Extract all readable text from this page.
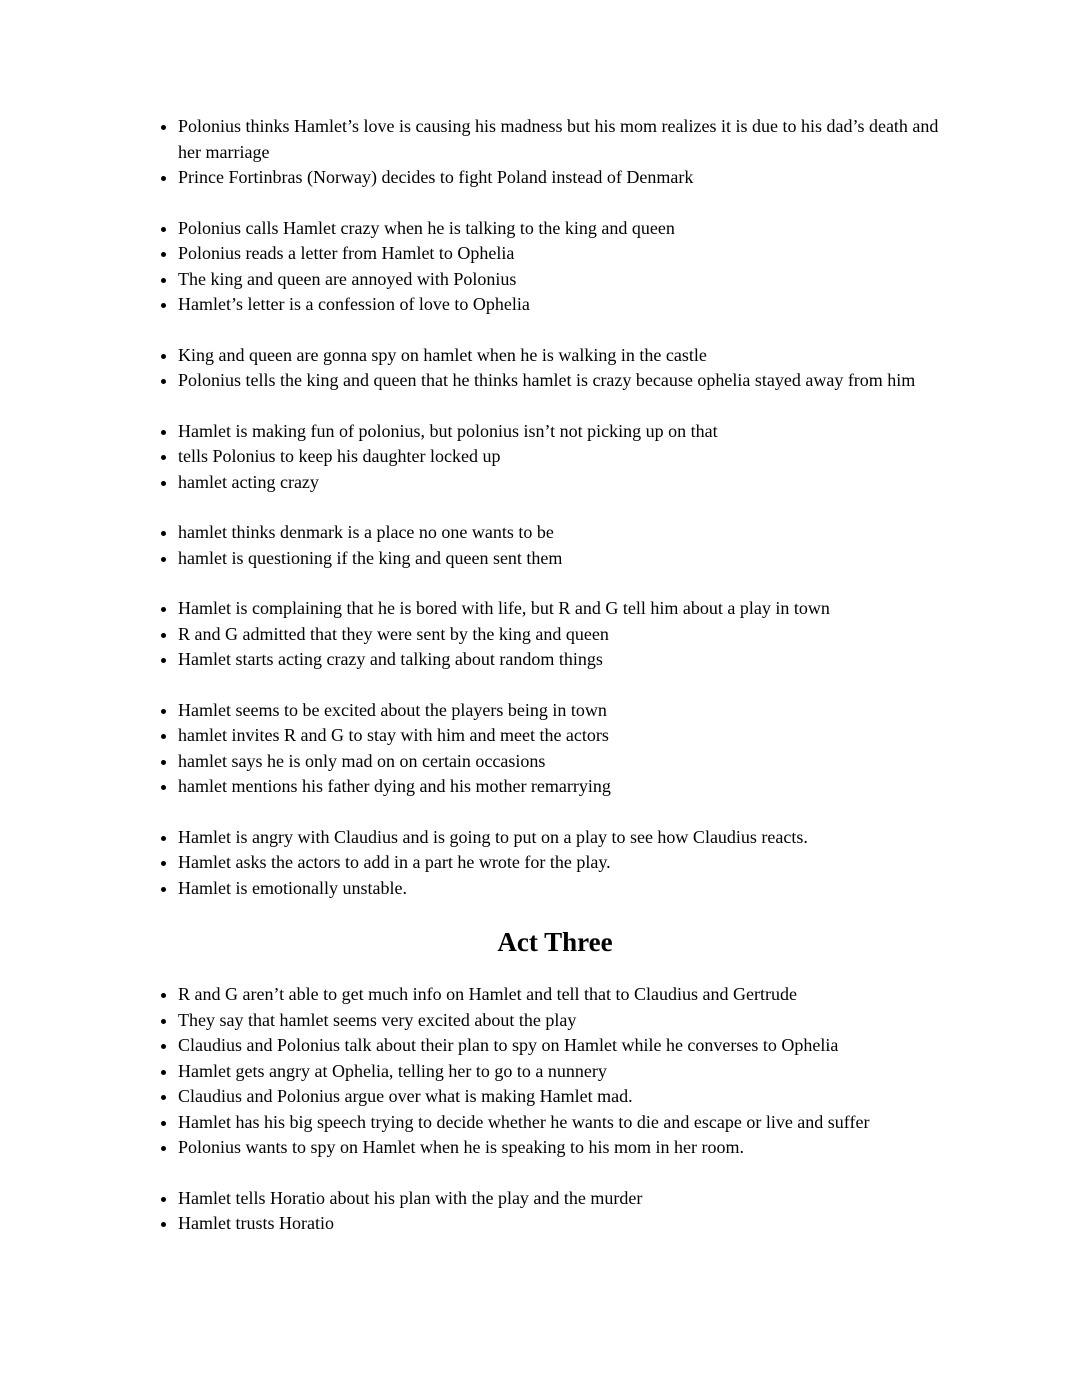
• Polonius thinks Hamlet’s love is causing his madness but his mom realizes it is due to his dad’s death and her marriage
• Prince Fortinbras (Norway) decides to fight Poland instead of Denmark
• Polonius calls Hamlet crazy when he is talking to the king and queen
• Polonius reads a letter from Hamlet to Ophelia
• The king and queen are annoyed with Polonius
• Hamlet’s letter is a confession of love to Ophelia
• King and queen are gonna spy on hamlet when he is walking in the castle
• Polonius tells the king and queen that he thinks hamlet is crazy because ophelia stayed away from him
• Hamlet is making fun of polonius, but polonius isn’t not picking up on that
• tells Polonius to keep his daughter locked up
• hamlet acting crazy
• hamlet thinks denmark is a place no one wants to be
• hamlet is questioning if the king and queen sent them
• Hamlet is complaining that he is bored with life, but R and G tell him about a play in town
• R and G admitted that they were sent by the king and queen
• Hamlet starts acting crazy and talking about random things
• Hamlet seems to be excited about the players being in town
• hamlet invites R and G to stay with him and meet the actors
• hamlet says he is only mad on on certain occasions
• hamlet mentions his father dying and his mother remarrying
• Hamlet is angry with Claudius and is going to put on a play to see how Claudius reacts.
• Hamlet asks the actors to add in a part he wrote for the play.
• Hamlet is emotionally unstable.
Act Three
• R and G aren’t able to get much info on Hamlet and tell that to Claudius and Gertrude
• They say that hamlet seems very excited about the play
• Claudius and Polonius talk about their plan to spy on Hamlet while he converses to Ophelia
• Hamlet gets angry at Ophelia, telling her to go to a nunnery
• Claudius and Polonius argue over what is making Hamlet mad.
• Hamlet has his big speech trying to decide whether he wants to die and escape or live and suffer
• Polonius wants to spy on Hamlet when he is speaking to his mom in her room.
• Hamlet tells Horatio about his plan with the play and the murder
• Hamlet trusts Horatio
